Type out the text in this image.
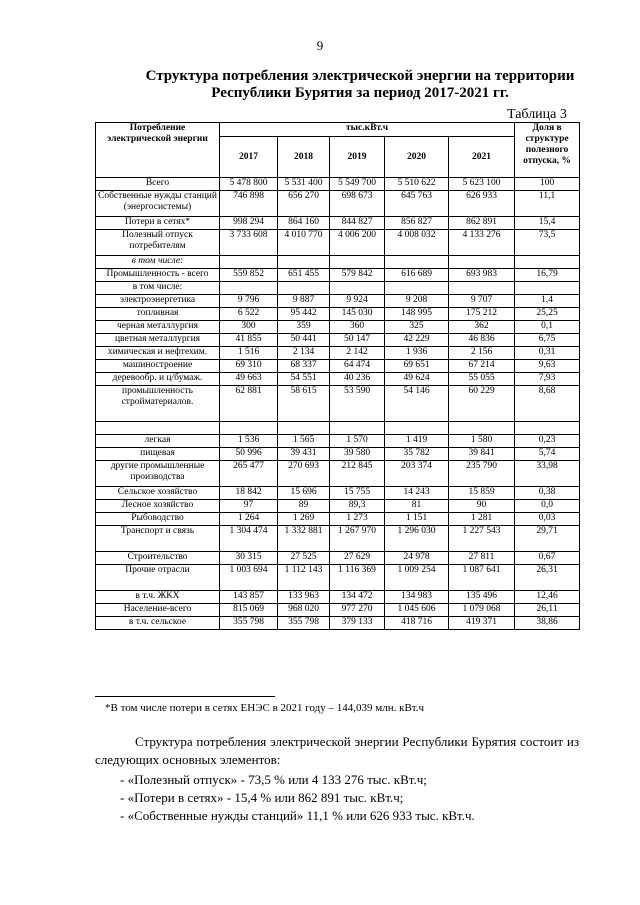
9
Структура потребления электрической энергии на территории
Республики Бурятия за период 2017-2021 гг.
Таблица 3
Потребление электрической энергии	тыс.кВт.ч					Доля в структуре полезного отпуска, %
	2017	2018	2019	2020	2021	
Всего	5 478 800	5 531 400	5 549 700	5 510 622	5 623 100	100
Собственные нужды станций (энергосистемы)	746 898	656 270	698 673	645 763	626 933	11,1
Потери в сетях*	998 294	864 160	844 827	856 827	862 891	15,4
Полезный отпуск потребителям	3 733 608	4 010 770	4 006 200	4 008 032	4 133 276	73,5
в том числе:						
Промышленность - всего	559 852	651 455	579 842	616 689	693 983	16,79
в том числе:						
электроэнергетика	9 796	9 887	9 924	9 208	9 707	1,4
топливная	6 522	95 442	145 030	148 995	175 212	25,25
черная металлургия	300	359	360	325	362	0,1
цветная металлургия	41 855	50 441	50 147	42 229	46 836	6,75
химическая и нефтехим.	1 516	2 134	2 142	1 936	2 156	0,31
машиностроение	69 310	68 337	64 474	69 651	67 214	9,63
деревообр. и ц/бумаж.	49 663	54 551	40 236	49 624	55 055	7,93
промышленность стройматериалов.	62 881	58 615	53 590	54 146	60 229	8,68

легкая	1 536	1 565	1 570	1 419	1 580	0,23
пищевая	50 996	39 431	39 580	35 782	39 841	5,74
другие промышленные производства	265 477	270 693	212 845	203 374	235 790	33,98
Сельское хозяйство	18 842	15 696	15 755	14 243	15 859	0,38
Лесное хозяйство	97	89	89,3	81	90	0,0
Рыбоводство	1 264	1 269	1 273	1 151	1 281	0,03
Транспорт и связь	1 304 474	1 332 881	1 267 970	1 296 030	1 227 543	29,71
Строительство	30 315	27 525	27 629	24 978	27 811	0,67
Прочие отрасли	1 003 694	1 112 143	1 116 369	1 009 254	1 087 641	26,31
в т.ч. ЖКХ	143 857	133 963	134 472	134 983	135 496	12,46
Население-всего	815 069	968 020	977 270	1 045 606	1 079 068	26,11
в т.ч. сельское	355 798	355 798	379 133	418 716	419 371	38,86
*В том числе потери в сетях ЕНЭС в 2021 году – 144,039 млн. кВт.ч
Структура потребления электрической энергии Республики Бурятия состоит из следующих основных элементов:
- «Полезный отпуск» - 73,5 % или 4 133 276 тыс. кВт.ч;
- «Потери в сетях» - 15,4 % или 862 891 тыс. кВт.ч;
- «Собственные нужды станций» 11,1 % или 626 933 тыс. кВт.ч.
